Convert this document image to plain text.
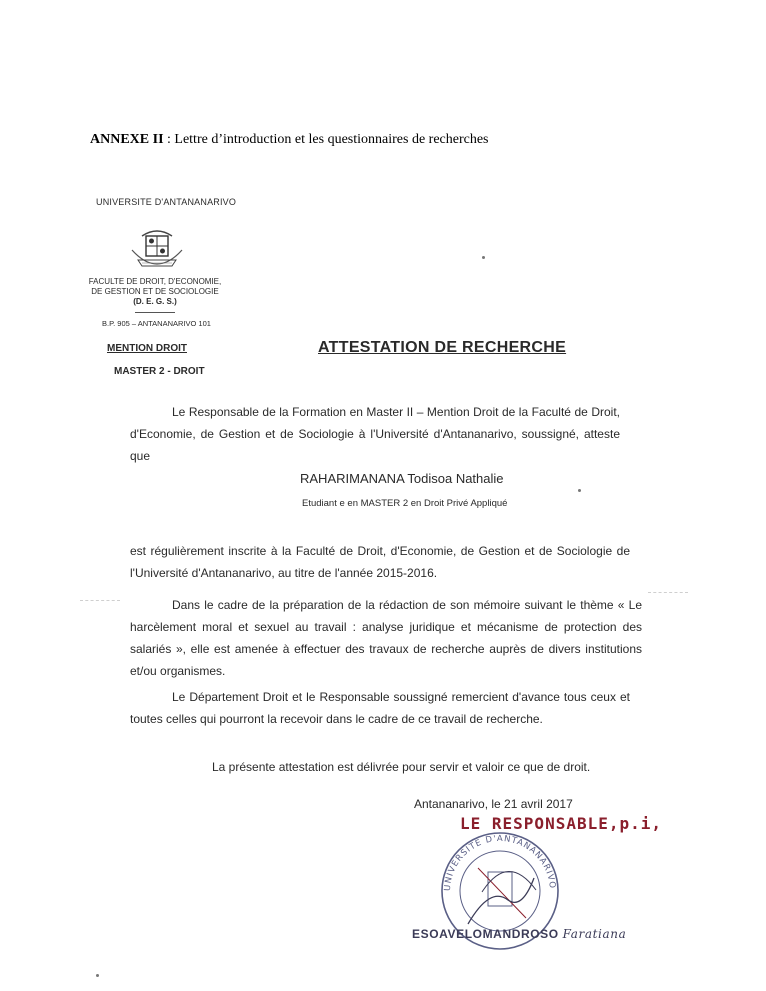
ANNEXE II : Lettre d’introduction et les questionnaires de recherches
UNIVERSITE D'ANTANANARIVO
FACULTE DE DROIT, D'ECONOMIE,
DE GESTION ET DE SOCIOLOGIE
(D. E. G. S.)
B.P. 905 – ANTANANARIVO 101
MENTION DROIT
MASTER 2 - DROIT
ATTESTATION DE RECHERCHE
Le Responsable de la Formation en Master II – Mention Droit de la Faculté de Droit, d'Economie, de Gestion et de Sociologie à l'Université d'Antananarivo, soussigné, atteste que
RAHARIMANANA Todisoa Nathalie
Etudiant e en MASTER 2 en Droit Privé Appliqué
est régulièrement inscrite à la Faculté de Droit, d'Economie, de Gestion et de Sociologie de l'Université d'Antananarivo, au titre de l'année 2015-2016.
Dans le cadre de la préparation de la rédaction de son mémoire suivant le thème « Le harcèlement moral et sexuel au travail : analyse juridique et mécanisme de protection des salariés », elle est amenée à effectuer des travaux de recherche auprès de divers institutions et/ou organismes.
Le Département Droit et le Responsable soussigné remercient d'avance tous ceux et toutes celles qui pourront la recevoir dans le cadre de ce travail de recherche.
La présente attestation est délivrée pour servir et valoir ce que de droit.
Antananarivo, le 21 avril 2017
LE RESPONSABLE,p.i,
UNIVERSITE D'ANTANANARIVO
ESOAVELOMANDROSO Faratiana
